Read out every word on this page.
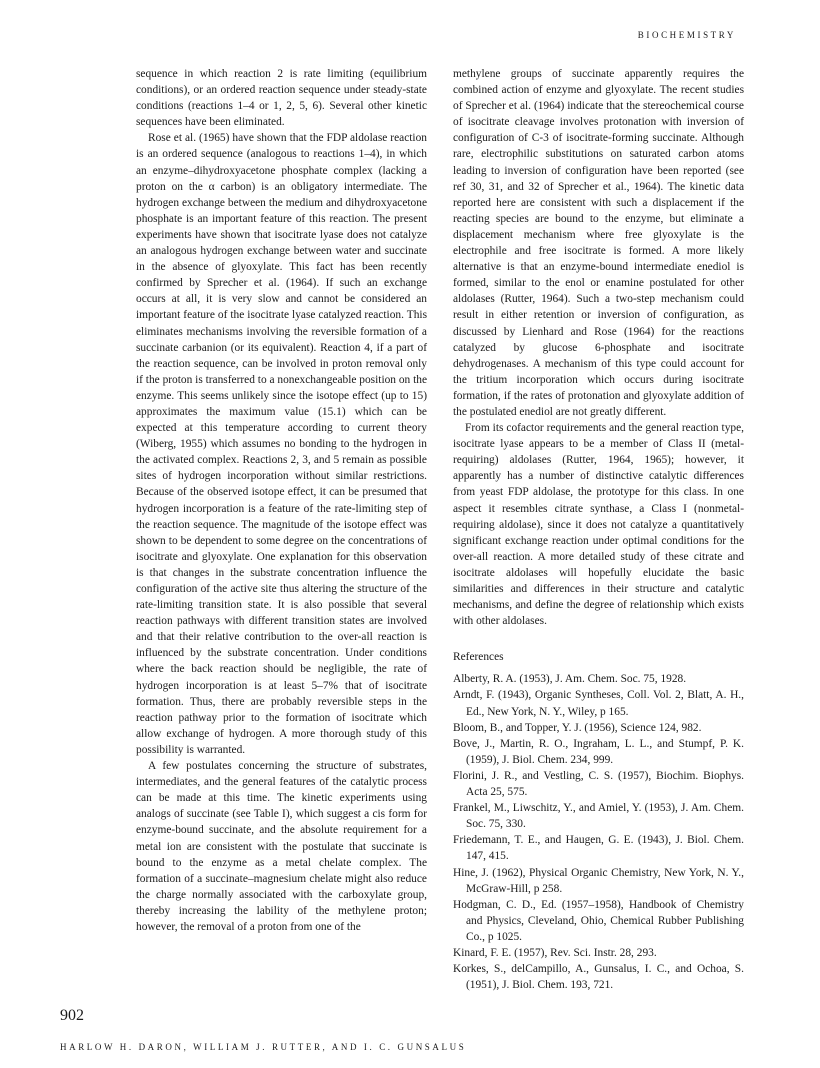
BIOCHEMISTRY

sequence in which reaction 2 is rate limiting (equilibrium conditions), or an ordered reaction sequence under steady-state conditions (reactions 1–4 or 1, 2, 5, 6). Several other kinetic sequences have been eliminated.

Rose et al. (1965) have shown that the FDP aldolase reaction is an ordered sequence (analogous to reactions 1–4), in which an enzyme–dihydroxyacetone phosphate complex (lacking a proton on the α carbon) is an obligatory intermediate. The hydrogen exchange between the medium and dihydroxyacetone phosphate is an important feature of this reaction. The present experiments have shown that isocitrate lyase does not catalyze an analogous hydrogen exchange between water and succinate in the absence of glyoxylate. This fact has been recently confirmed by Sprecher et al. (1964). If such an exchange occurs at all, it is very slow and cannot be considered an important feature of the isocitrate lyase catalyzed reaction. This eliminates mechanisms involving the reversible formation of a succinate carbanion (or its equivalent). Reaction 4, if a part of the reaction sequence, can be involved in proton removal only if the proton is transferred to a nonexchangeable position on the enzyme. This seems unlikely since the isotope effect (up to 15) approximates the maximum value (15.1) which can be expected at this temperature according to current theory (Wiberg, 1955) which assumes no bonding to the hydrogen in the activated complex. Reactions 2, 3, and 5 remain as possible sites of hydrogen incorporation without similar restrictions. Because of the observed isotope effect, it can be presumed that hydrogen incorporation is a feature of the rate-limiting step of the reaction sequence. The magnitude of the isotope effect was shown to be dependent to some degree on the concentrations of isocitrate and glyoxylate. One explanation for this observation is that changes in the substrate concentration influence the configuration of the active site thus altering the structure of the rate-limiting transition state. It is also possible that several reaction pathways with different transition states are involved and that their relative contribution to the over-all reaction is influenced by the substrate concentration. Under conditions where the back reaction should be negligible, the rate of hydrogen incorporation is at least 5–7% that of isocitrate formation. Thus, there are probably reversible steps in the reaction pathway prior to the formation of isocitrate which allow exchange of hydrogen. A more thorough study of this possibility is warranted.

A few postulates concerning the structure of substrates, intermediates, and the general features of the catalytic process can be made at this time. The kinetic experiments using analogs of succinate (see Table I), which suggest a cis form for enzyme-bound succinate, and the absolute requirement for a metal ion are consistent with the postulate that succinate is bound to the enzyme as a metal chelate complex. The formation of a succinate–magnesium chelate might also reduce the charge normally associated with the carboxylate group, thereby increasing the lability of the methylene proton; however, the removal of a proton from one of the

methylene groups of succinate apparently requires the combined action of enzyme and glyoxylate. The recent studies of Sprecher et al. (1964) indicate that the stereochemical course of isocitrate cleavage involves protonation with inversion of configuration of C-3 of isocitrate-forming succinate. Although rare, electrophilic substitutions on saturated carbon atoms leading to inversion of configuration have been reported (see ref 30, 31, and 32 of Sprecher et al., 1964). The kinetic data reported here are consistent with such a displacement if the reacting species are bound to the enzyme, but eliminate a displacement mechanism where free glyoxylate is the electrophile and free isocitrate is formed. A more likely alternative is that an enzyme-bound intermediate enediol is formed, similar to the enol or enamine postulated for other aldolases (Rutter, 1964). Such a two-step mechanism could result in either retention or inversion of configuration, as discussed by Lienhard and Rose (1964) for the reactions catalyzed by glucose 6-phosphate and isocitrate dehydrogenases. A mechanism of this type could account for the tritium incorporation which occurs during isocitrate formation, if the rates of protonation and glyoxylate addition of the postulated enediol are not greatly different.

From its cofactor requirements and the general reaction type, isocitrate lyase appears to be a member of Class II (metal-requiring) aldolases (Rutter, 1964, 1965); however, it apparently has a number of distinctive catalytic differences from yeast FDP aldolase, the prototype for this class. In one aspect it resembles citrate synthase, a Class I (nonmetal-requiring aldolase), since it does not catalyze a quantitatively significant exchange reaction under optimal conditions for the over-all reaction. A more detailed study of these citrate and isocitrate aldolases will hopefully elucidate the basic similarities and differences in their structure and catalytic mechanisms, and define the degree of relationship which exists with other aldolases.

References

Alberty, R. A. (1953), J. Am. Chem. Soc. 75, 1928.

Arndt, F. (1943), Organic Syntheses, Coll. Vol. 2, Blatt, A. H., Ed., New York, N. Y., Wiley, p 165.

Bloom, B., and Topper, Y. J. (1956), Science 124, 982.

Bove, J., Martin, R. O., Ingraham, L. L., and Stumpf, P. K. (1959), J. Biol. Chem. 234, 999.

Florini, J. R., and Vestling, C. S. (1957), Biochim. Biophys. Acta 25, 575.

Frankel, M., Liwschitz, Y., and Amiel, Y. (1953), J. Am. Chem. Soc. 75, 330.

Friedemann, T. E., and Haugen, G. E. (1943), J. Biol. Chem. 147, 415.

Hine, J. (1962), Physical Organic Chemistry, New York, N. Y., McGraw-Hill, p 258.

Hodgman, C. D., Ed. (1957–1958), Handbook of Chemistry and Physics, Cleveland, Ohio, Chemical Rubber Publishing Co., p 1025.

Kinard, F. E. (1957), Rev. Sci. Instr. 28, 293.

Korkes, S., delCampillo, A., Gunsalus, I. C., and Ochoa, S. (1951), J. Biol. Chem. 193, 721.

902
HARLOW H. DARON, WILLIAM J. RUTTER, AND I. C. GUNSALUS
